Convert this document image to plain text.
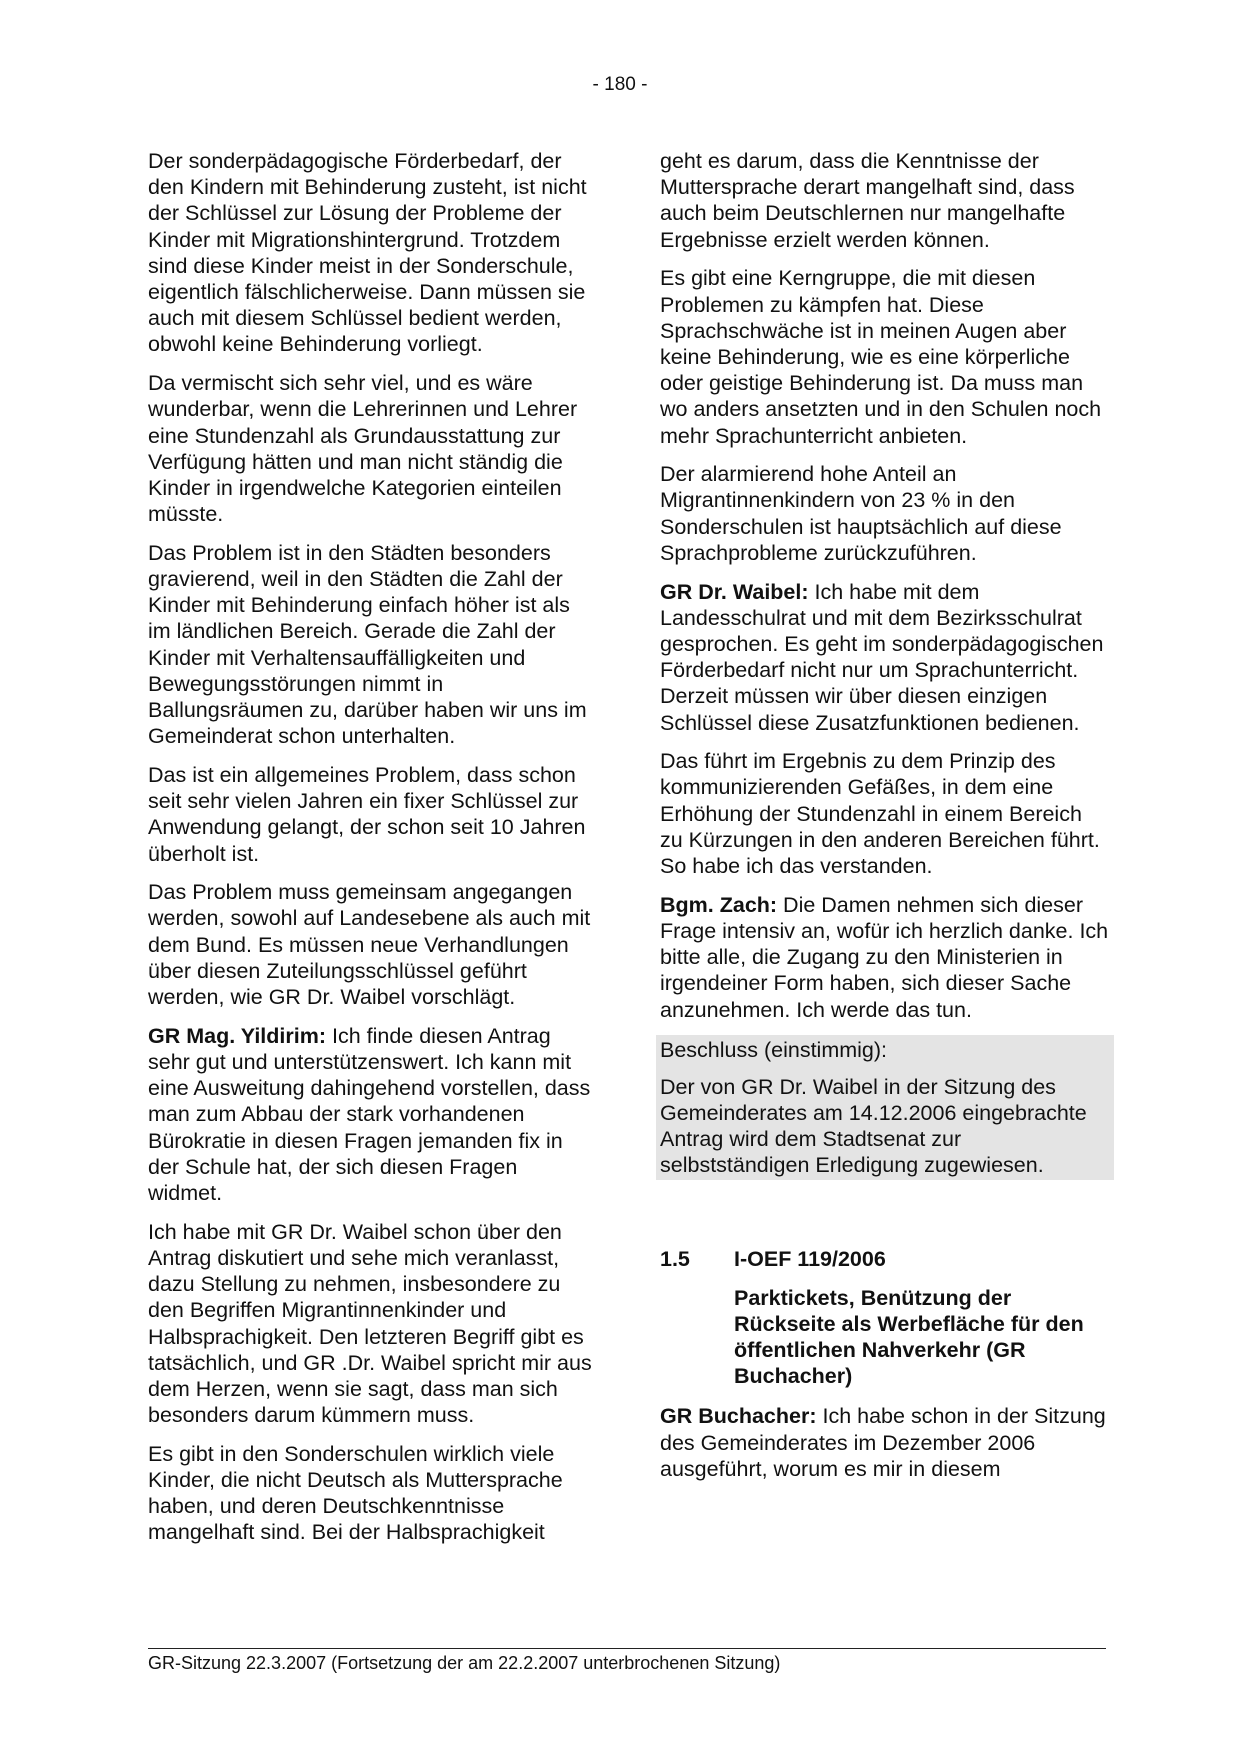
- 180 -

Der sonderpädagogische Förderbedarf, der den Kindern mit Behinderung zusteht, ist nicht der Schlüssel zur Lösung der Probleme der Kinder mit Migrationshintergrund. Trotzdem sind diese Kinder meist in der Sonderschule, eigentlich fälschlicherweise. Dann müssen sie auch mit diesem Schlüssel bedient werden, obwohl keine Behinderung vorliegt.

Da vermischt sich sehr viel, und es wäre wunderbar, wenn die Lehrerinnen und Lehrer eine Stundenzahl als Grundausstattung zur Verfügung hätten und man nicht ständig die Kinder in irgendwelche Kategorien einteilen müsste.

Das Problem ist in den Städten besonders gravierend, weil in den Städten die Zahl der Kinder mit Behinderung einfach höher ist als im ländlichen Bereich. Gerade die Zahl der Kinder mit Verhaltensauffälligkeiten und Bewegungsstörungen nimmt in Ballungsräumen zu, darüber haben wir uns im Gemeinderat schon unterhalten.

Das ist ein allgemeines Problem, dass schon seit sehr vielen Jahren ein fixer Schlüssel zur Anwendung gelangt, der schon seit 10 Jahren überholt ist.

Das Problem muss gemeinsam angegangen werden, sowohl auf Landesebene als auch mit dem Bund. Es müssen neue Verhandlungen über diesen Zuteilungsschlüssel geführt werden, wie GR Dr. Waibel vorschlägt.

GR Mag. Yildirim: Ich finde diesen Antrag sehr gut und unterstützenswert. Ich kann mit eine Ausweitung dahingehend vorstellen, dass man zum Abbau der stark vorhandenen Bürokratie in diesen Fragen jemanden fix in der Schule hat, der sich diesen Fragen widmet.

Ich habe mit GR Dr. Waibel schon über den Antrag diskutiert und sehe mich veranlasst, dazu Stellung zu nehmen, insbesondere zu den Begriffen Migrantinnenkinder und Halbsprachigkeit. Den letzteren Begriff gibt es tatsächlich, und GR .Dr. Waibel spricht mir aus dem Herzen, wenn sie sagt, dass man sich besonders darum kümmern muss.

Es gibt in den Sonderschulen wirklich viele Kinder, die nicht Deutsch als Muttersprache haben, und deren Deutschkenntnisse mangelhaft sind. Bei der Halbsprachigkeit

geht es darum, dass die Kenntnisse der Muttersprache derart mangelhaft sind, dass auch beim Deutschlernen nur mangelhafte Ergebnisse erzielt werden können.

Es gibt eine Kerngruppe, die mit diesen Problemen zu kämpfen hat. Diese Sprachschwäche ist in meinen Augen aber keine Behinderung, wie es eine körperliche oder geistige Behinderung ist. Da muss man wo anders ansetzten und in den Schulen noch mehr Sprachunterricht anbieten.

Der alarmierend hohe Anteil an Migrantinnenkindern von 23 % in den Sonderschulen ist hauptsächlich auf diese Sprachprobleme zurückzuführen.

GR Dr. Waibel: Ich habe mit dem Landesschulrat und mit dem Bezirksschulrat gesprochen. Es geht im sonderpädagogischen Förderbedarf nicht nur um Sprachunterricht. Derzeit müssen wir über diesen einzigen Schlüssel diese Zusatzfunktionen bedienen.

Das führt im Ergebnis zu dem Prinzip des kommunizierenden Gefäßes, in dem eine Erhöhung der Stundenzahl in einem Bereich zu Kürzungen in den anderen Bereichen führt. So habe ich das verstanden.

Bgm. Zach: Die Damen nehmen sich dieser Frage intensiv an, wofür ich herzlich danke. Ich bitte alle, die Zugang zu den Ministerien in irgendeiner Form haben, sich dieser Sache anzunehmen. Ich werde das tun.

Beschluss (einstimmig):

Der von GR Dr. Waibel in der Sitzung des Gemeinderates am 14.12.2006 eingebrachte Antrag wird dem Stadtsenat zur selbstständigen Erledigung zugewiesen.

1.5	I-OEF 119/2006
Parktickets, Benützung der Rückseite als Werbefläche für den öffentlichen Nahverkehr (GR Buchacher)

GR Buchacher: Ich habe schon in der Sitzung des Gemeinderates im Dezember 2006 ausgeführt, worum es mir in diesem

GR-Sitzung 22.3.2007 (Fortsetzung der am 22.2.2007 unterbrochenen Sitzung)
